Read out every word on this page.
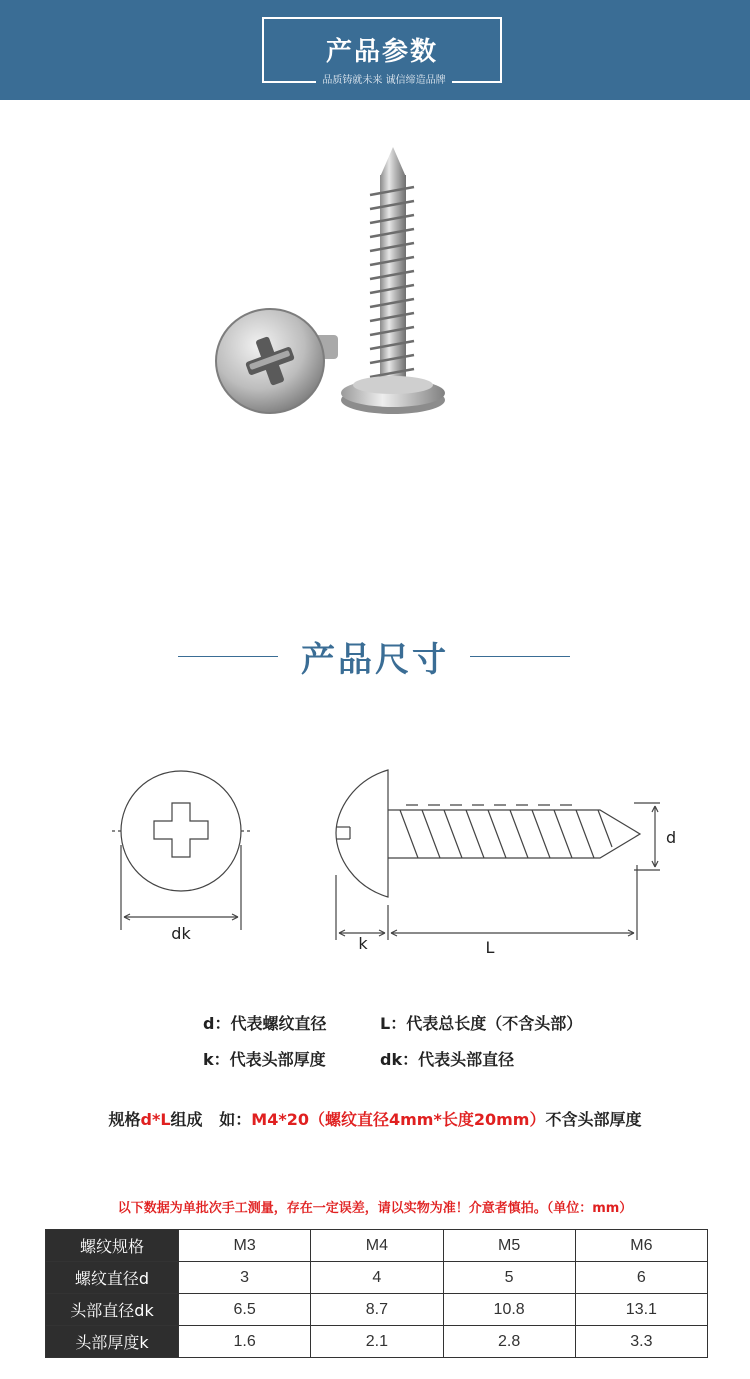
产品参数
品质铸就未来 诚信缔造品牌
产品尺寸
dk
d
k	L
d：代表螺纹直径	L：代表总长度（不含头部）
k：代表头部厚度	dk：代表头部直径
规格d*L组成 如：M4*20（螺纹直径4mm*长度20mm）不含头部厚度
以下数据为单批次手工测量，存在一定误差，请以实物为准！介意者慎拍。（单位：mm）
螺纹规格	M3	M4	M5	M6
螺纹直径d	3	4	5	6
头部直径dk	6.5	8.7	10.8	13.1
头部厚度k	1.6	2.1	2.8	3.3
